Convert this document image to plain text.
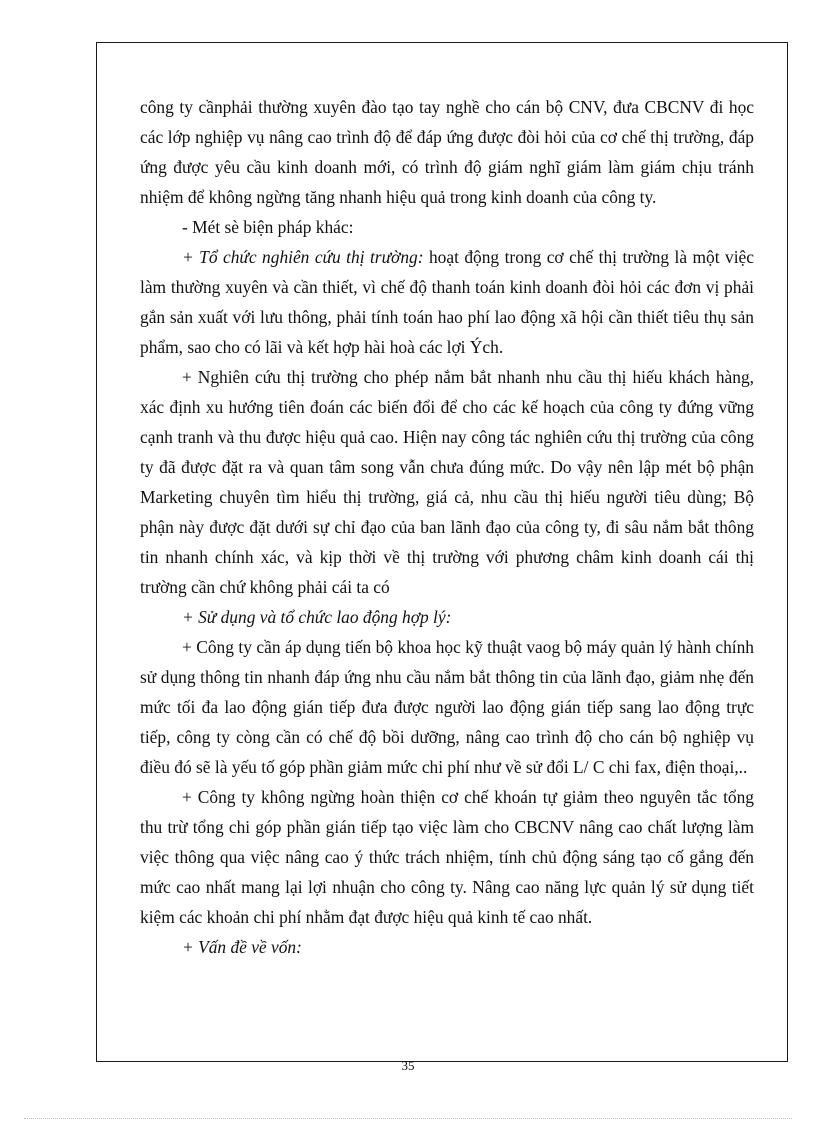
công ty cầnphải thường xuyên đào tạo tay nghề cho cán bộ CNV, đưa CBCNV đi học các lớp nghiệp vụ nâng cao trình độ để đáp ứng được đòi hỏi của cơ chế thị trường, đáp ứng được yêu cầu kinh doanh mới, có trình độ giám nghĩ giám làm giám chịu tránh nhiệm để không ngừng tăng nhanh hiệu quả trong kinh doanh của công ty.

- Mét sè biện pháp khác:

+ Tổ chức nghiên cứu thị trường: hoạt động trong cơ chế thị trường là một việc làm thường xuyên và cần thiết, vì chế độ thanh toán kinh doanh đòi hỏi các đơn vị phải gắn sản xuất với lưu thông, phải tính toán hao phí lao động xã hội cần thiết tiêu thụ sản phẩm, sao cho có lãi và kết hợp hài hoà các lợi Ých.

+ Nghiên cứu thị trường cho phép nắm bắt nhanh nhu cầu thị hiếu khách hàng, xác định xu hướng tiên đoán các biến đổi để cho các kế hoạch của công ty đứng vững cạnh tranh và thu được hiệu quả cao. Hiện nay công tác nghiên cứu thị trường của công ty đã được đặt ra và quan tâm song vẫn chưa đúng mức. Do vậy nên lập mét bộ phận Marketing chuyên tìm hiểu thị trường, giá cả, nhu cầu thị hiếu người tiêu dùng; Bộ phận này được đặt dưới sự chỉ đạo của ban lãnh đạo của công ty, đi sâu nắm bắt thông tin nhanh chính xác, và kịp thời về thị trường với phương châm kinh doanh cái thị trường cần chứ không phải cái ta có

+ Sử dụng và tổ chức lao động hợp lý:

+ Công ty cần áp dụng tiến bộ khoa học kỹ thuật vaog bộ máy quản lý hành chính sử dụng thông tin nhanh đáp ứng nhu cầu nắm bắt thông tin của lãnh đạo, giảm nhẹ đến mức tối đa lao động gián tiếp đưa được người lao động gián tiếp sang lao động trực tiếp, công ty còng cần có chế độ bồi dưỡng, nâng cao trình độ cho cán bộ nghiệp vụ điều đó sẽ là yếu tố góp phần giảm mức chi phí như về sử đổi L/ C chi fax, điện thoại,..

+ Công ty không ngừng hoàn thiện cơ chế khoán tự giảm theo nguyên tắc tổng thu trừ tổng chi góp phần gián tiếp tạo việc làm cho CBCNV nâng cao chất lượng làm việc thông qua việc nâng cao ý thức trách nhiệm, tính chủ động sáng tạo cố gắng đến mức cao nhất mang lại lợi nhuận cho công ty. Nâng cao năng lực quản lý sử dụng tiết kiệm các khoản chi phí nhằm đạt được hiệu quả kinh tế cao nhất.

+ Vấn đề về vốn:

35
